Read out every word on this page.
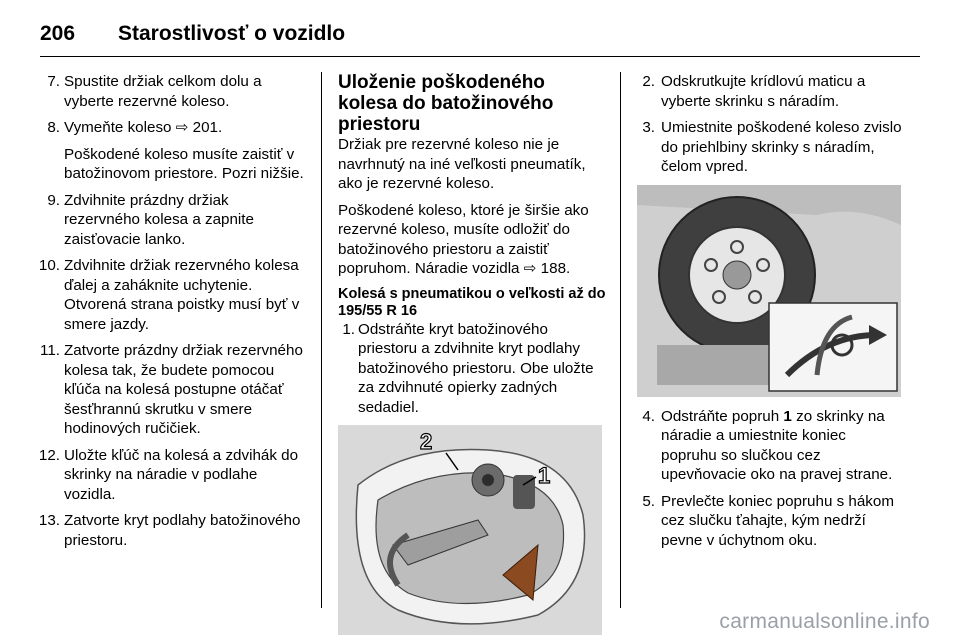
206 Starostlivosť o vozidlo
7. Spustite držiak celkom dolu a vyberte rezervné koleso.

8. Vymeňte koleso ⇨ 201.

Poškodené koleso musíte zaistiť v batožinovom priestore. Pozri nižšie.

9. Zdvihnite prázdny držiak rezervného kolesa a zapnite zaisťovacie lanko.

10. Zdvihnite držiak rezervného kolesa ďalej a zaháknite uchytenie. Otvorená strana poistky musí byť v smere jazdy.

11. Zatvorte prázdny držiak rezervného kolesa tak, že budete pomocou kľúča na kolesá postupne otáčať šesťhrannú skrutku v smere hodinových ručičiek.

12. Uložte kľúč na kolesá a zdvihák do skrinky na náradie v podlahe vozidla.

13. Zatvorte kryt podlahy batožinového priestoru.

Uloženie poškodeného kolesa do batožinového priestoru

Držiak pre rezervné koleso nie je navrhnutý na iné veľkosti pneumatík, ako je rezervné koleso.

Poškodené koleso, ktoré je širšie ako rezervné koleso, musíte odložiť do batožinového priestoru a zaistiť popruhom. Náradie vozidla ⇨ 188.

Kolesá s pneumatikou o veľkosti až do 195/55 R 16
1. Odstráňte kryt batožinového priestoru a zdvihnite kryt podlahy batožinového priestoru. Obe uložte za zdvihnuté opierky zadných sedadiel.

2
1
2. Odskrutkujte krídlovú maticu a vyberte skrinku s náradím.

3. Umiestnite poškodené koleso zvislo do priehlbiny skrinky s náradím, čelom vpred.

4. Odstráňte popruh 1 zo skrinky na náradie a umiestnite koniec popruhu so slučkou cez upevňovacie oko na pravej strane.

5. Prevlečte koniec popruhu s hákom cez slučku ťahajte, kým nedrží pevne v úchytnom oku.

carmanualsonline.info
